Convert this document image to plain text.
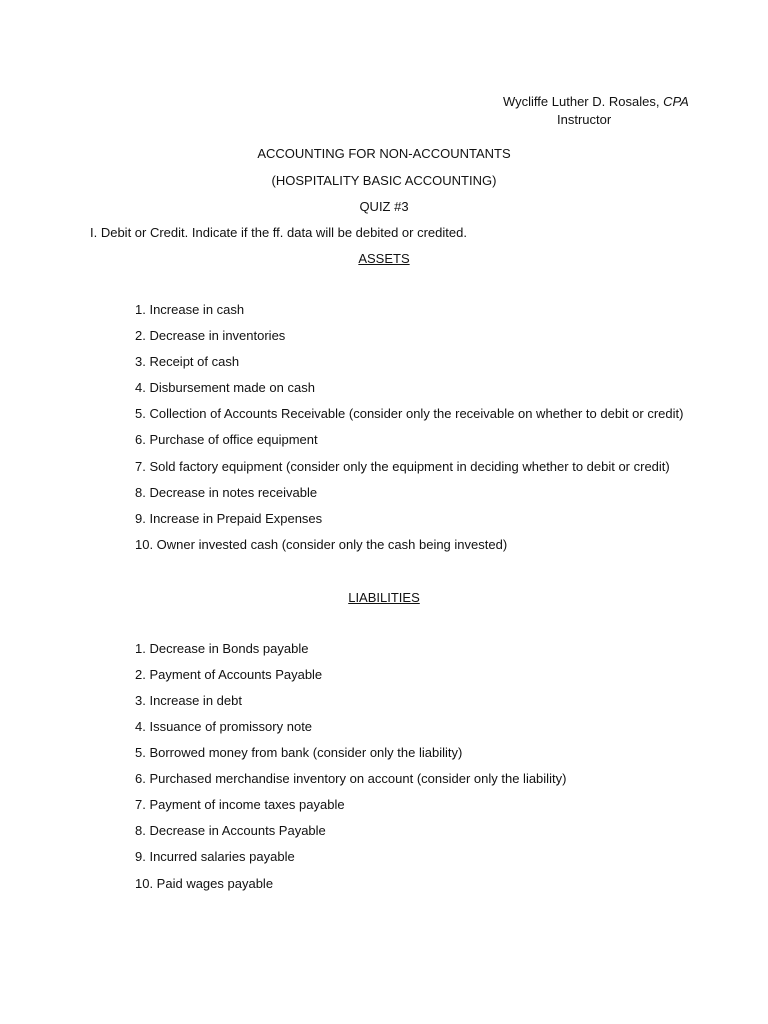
Wycliffe Luther D. Rosales, CPA
Instructor
ACCOUNTING FOR NON-ACCOUNTANTS
(HOSPITALITY BASIC ACCOUNTING)
QUIZ #3
I. Debit or Credit. Indicate if the ff. data will be debited or credited.
ASSETS
1. Increase in cash
2. Decrease in inventories
3. Receipt of cash
4. Disbursement made on cash
5. Collection of Accounts Receivable (consider only the receivable on whether to debit or credit)
6. Purchase of office equipment
7. Sold factory equipment (consider only the equipment in deciding whether to debit or credit)
8. Decrease in notes receivable
9. Increase in Prepaid Expenses
10. Owner invested cash (consider only the cash being invested)
LIABILITIES
1. Decrease in Bonds payable
2. Payment of Accounts Payable
3. Increase in debt
4. Issuance of promissory note
5. Borrowed money from bank (consider only the liability)
6. Purchased merchandise inventory on account (consider only the liability)
7. Payment of income taxes payable
8. Decrease in Accounts Payable
9. Incurred salaries payable
10. Paid wages payable
